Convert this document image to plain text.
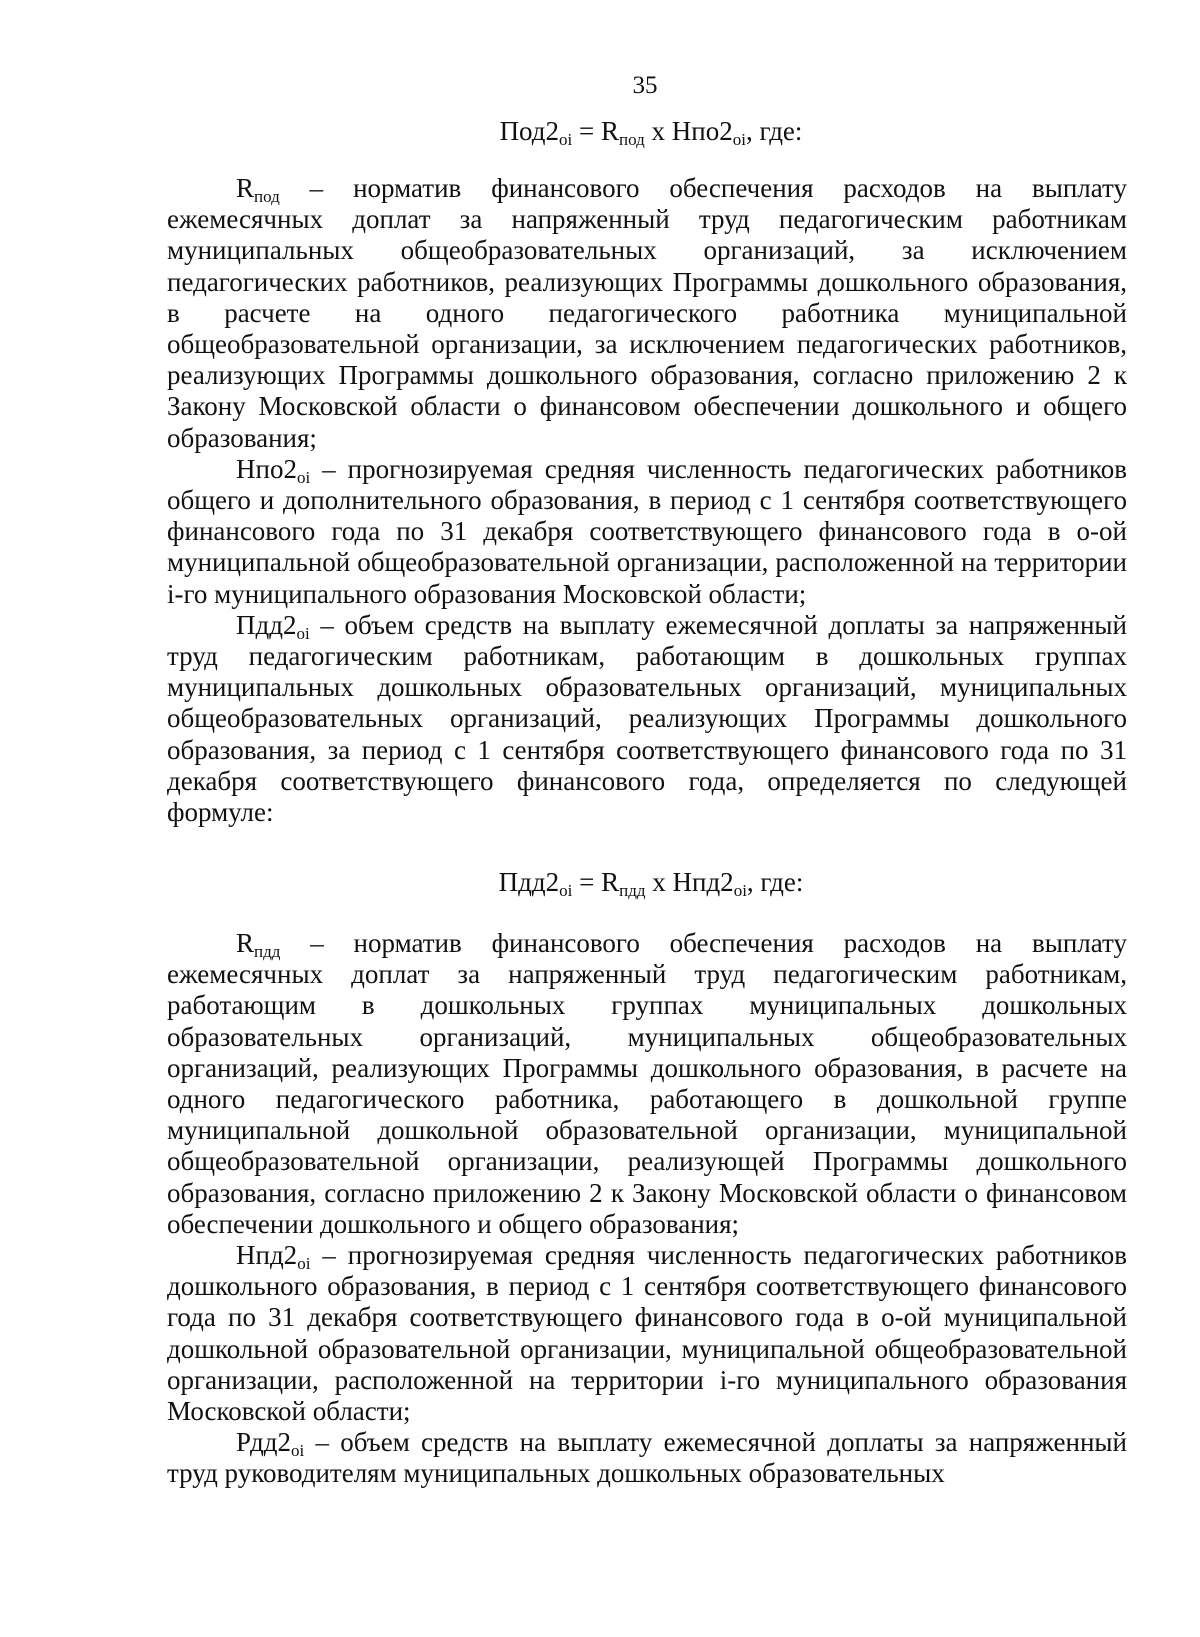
35
$Под2_{oi} = R_{под}$ x $Нпо2_{oi}$, где:

$R_{под}$ – норматив финансового обеспечения расходов на выплату ежемесячных доплат за напряженный труд педагогическим работникам муниципальных общеобразовательных организаций, за исключением педагогических работников, реализующих Программы дошкольного образования, в расчете на одного педагогического работника муниципальной общеобразовательной организации, за исключением педагогических работников, реализующих Программы дошкольного образования, согласно приложению 2 к Закону Московской области о финансовом обеспечении дошкольного и общего образования;

$Нпо2_{oi}$ – прогнозируемая средняя численность педагогических работников общего и дополнительного образования, в период с 1 сентября соответствующего финансового года по 31 декабря соответствующего финансового года в о-ой муниципальной общеобразовательной организации, расположенной на территории i-го муниципального образования Московской области;

$Пдд2_{oi}$ – объем средств на выплату ежемесячной доплаты за напряженный труд педагогическим работникам, работающим в дошкольных группах муниципальных дошкольных образовательных организаций, муниципальных общеобразовательных организаций, реализующих Программы дошкольного образования, за период с 1 сентября соответствующего финансового года по 31 декабря соответствующего финансового года, определяется по следующей формуле:

$Пдд2_{oi} = R_{пдд}$ x $Нпд2_{oi}$, где:

$R_{пдд}$ – норматив финансового обеспечения расходов на выплату ежемесячных доплат за напряженный труд педагогическим работникам, работающим в дошкольных группах муниципальных дошкольных образовательных организаций, муниципальных общеобразовательных организаций, реализующих Программы дошкольного образования, в расчете на одного педагогического работника, работающего в дошкольной группе муниципальной дошкольной образовательной организации, муниципальной общеобразовательной организации, реализующей Программы дошкольного образования, согласно приложению 2 к Закону Московской области о финансовом обеспечении дошкольного и общего образования;

$Нпд2_{oi}$ – прогнозируемая средняя численность педагогических работников дошкольного образования, в период с 1 сентября соответствующего финансового года по 31 декабря соответствующего финансового года в о-ой муниципальной дошкольной образовательной организации, муниципальной общеобразовательной организации, расположенной на территории i-го муниципального образования Московской области;

$Рдд2_{oi}$ – объем средств на выплату ежемесячной доплаты за напряженный труд руководителям муниципальных дошкольных образовательных
